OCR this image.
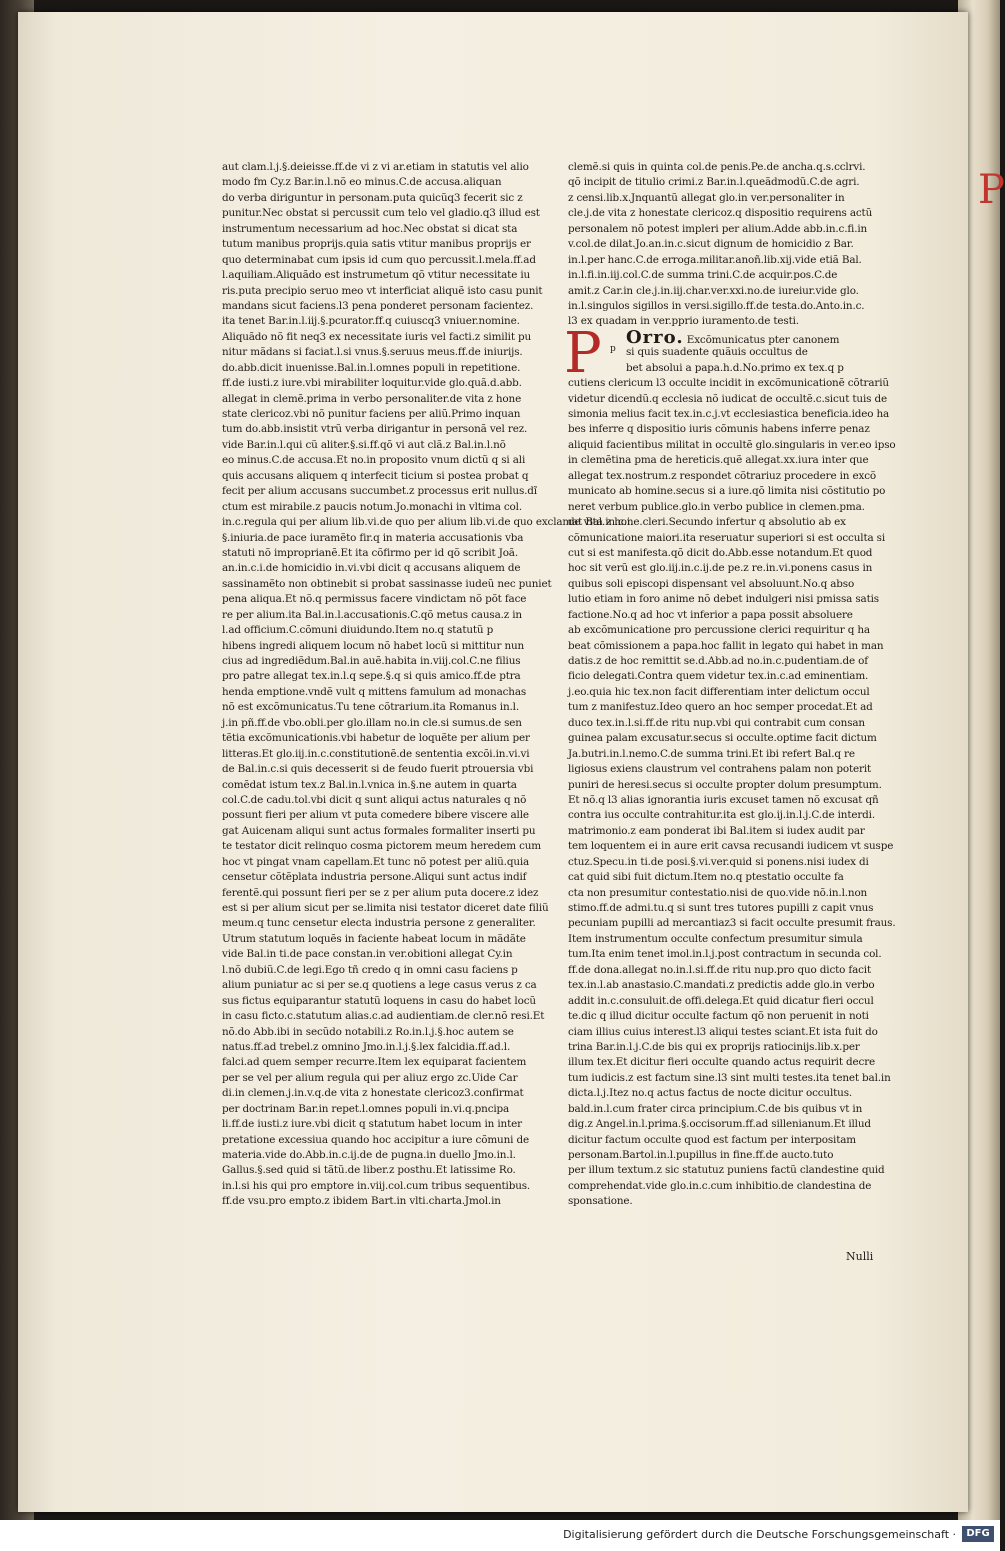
P
aut clam.l.j.§.deieisse.ff.de vi z vi ar.etiam in statutis vel alio
modo fm Cy.z Bar.in.l.nõ eo minus.C.de accusa.aliquan
do verba diriguntur in personam.puta quicũq3 fecerit sic z
punitur.Nec obstat si percussit cum telo vel gladio.q3 illud est
instrumentum necessarium ad hoc.Nec obstat si dicat sta
tutum manibus proprijs.quia satis vtitur manibus proprijs er
quo determinabat cum ipsis id cum quo percussit.l.mela.ff.ad
l.aquiliam.Aliquãdo est instrumetum qõ vtitur necessitate iu
ris.puta precipio seruo meo vt interficiat aliquẽ isto casu punit
mandans sicut faciens.l3 pena ponderet personam facientez.
ita tenet Bar.in.l.iij.§.pcurator.ff.q cuiuscq3 vniuer.nomine.
Aliquãdo nõ fit neq3 ex necessitate iuris vel facti.z similit pu
nitur mãdans si faciat.l.si vnus.§.seruus meus.ff.de iniurijs.
do.abb.dicit inuenisse.Bal.in.l.omnes populi in repetitione.
ff.de iusti.z iure.vbi mirabiliter loquitur.vide glo.quã.d.abb.
allegat in clemẽ.prima in verbo personaliter.de vita z hone
state clericoz.vbi nõ punitur faciens per aliũ.Primo inquan
tum do.abb.insistit vtrũ verba dirigantur in personã vel rez.
vide Bar.in.l.qui cũ aliter.§.si.ff.qõ vi aut clã.z Bal.in.l.nõ
eo minus.C.de accusa.Et no.in proposito vnum dictũ q si ali
quis accusans aliquem q interfecit ticium si postea probat q
fecit per alium accusans succumbet.z processus erit nullus.dĩ
ctum est mirabile.z paucis notum.Jo.monachi in vltima col.
in.c.regula qui per alium lib.vi.de quo per alium lib.vi.de quo exclamat Bal.in.c.i.
§.iniuria.de pace iuramẽto fir.q in materia accusationis vba
statuti nõ improprianẽ.Et ita cõfirmo per id qõ scribit Joã.
an.in.c.i.de homicidio in.vi.vbi dicit q accusans aliquem de
sassinamẽto non obtinebit si probat sassinasse iudeũ nec puniet
pena aliqua.Et nõ.q permissus facere vindictam nõ põt face
re per alium.ita Bal.in.l.accusationis.C.qõ metus causa.z in
l.ad officium.C.cõmuni diuidundo.Item no.q statutũ p
hibens ingredi aliquem locum nõ habet locũ si mittitur nun
cius ad ingrediẽdum.Bal.in auẽ.habita in.viij.col.C.ne filius
pro patre allegat tex.in.l.q sepe.§.q si quis amico.ff.de ptra
henda emptione.vndẽ vult q mittens famulum ad monachas
nõ est excõmunicatus.Tu tene cõtrarium.ita Romanus in.l.
j.in pñ.ff.de vbo.obli.per glo.illam no.in cle.si sumus.de sen
tẽtia excõmunicationis.vbi habetur de loquẽte per alium per
litteras.Et glo.iij.in.c.constitutionẽ.de sententia excõi.in.vi.vi
de Bal.in.c.si quis decesserit si de feudo fuerit ptrouersia vbi
comẽdat istum tex.z Bal.in.l.vnica in.§.ne autem in quarta
col.C.de cadu.tol.vbi dicit q sunt aliqui actus naturales q nõ
possunt fieri per alium vt puta comedere bibere viscere alle
gat Auicenam aliqui sunt actus formales formaliter inserti pu
te testator dicit relinquo cosma pictorem meum heredem cum
hoc vt pingat vnam capellam.Et tunc nõ potest per aliũ.quia
censetur cõtẽplata industria persone.Aliqui sunt actus indif
ferentẽ.qui possunt fieri per se z per alium puta docere.z idez
est si per alium sicut per se.limita nisi testator diceret date filiũ
meum.q tunc censetur electa industria persone z generaliter.
Utrum statutum loquẽs in faciente habeat locum in mãdãte
vide Bal.in ti.de pace constan.in ver.obitioni allegat Cy.in
l.nõ dubiũ.C.de legi.Ego tñ credo q in omni casu faciens p
alium puniatur ac si per se.q quotiens a lege casus verus z ca
sus fictus equiparantur statutũ loquens in casu do habet locũ
in casu ficto.c.statutum alias.c.ad audientiam.de cler.nõ resi.Et
nõ.do Abb.ibi in secũdo notabili.z Ro.in.l.j.§.hoc autem se
natus.ff.ad trebel.z omnino Jmo.in.l.j.§.lex falcidia.ff.ad.l.
falci.ad quem semper recurre.Item lex equiparat facientem
per se vel per alium regula qui per aliuz ergo zc.Uide Car
di.in clemen.j.in.v.q.de vita z honestate clericoz3.confirmat
per doctrinam Bar.in repet.l.omnes populi in.vi.q.pncipa
li.ff.de iusti.z iure.vbi dicit q statutum habet locum in inter
pretatione excessiua quando hoc accipitur a iure cõmuni de
materia.vide do.Abb.in.c.ij.de de pugna.in duello Jmo.in.l.
Gallus.§.sed quid si tãtũ.de liber.z posthu.Et latissime Ro.
in.l.si his qui pro emptore in.viij.col.cum tribus sequentibus.
ff.de vsu.pro empto.z ibidem Bart.in vlti.charta.Jmol.in
clemẽ.si quis in quinta col.de penis.Pe.de ancha.q.s.cclrvi.
qõ incipit de titulio crimi.z Bar.in.l.queãdmodũ.C.de agri.
z censi.lib.x.Jnquantũ allegat glo.in ver.personaliter in
cle.j.de vita z honestate clericoz.q dispositio requirens actũ
personalem nõ potest impleri per alium.Adde abb.in.c.fi.in
v.col.de dilat.Jo.an.in.c.sicut dignum de homicidio z Bar.
in.l.per hanc.C.de erroga.militar.anoñ.lib.xij.vide etiã Bal.
in.l.fi.in.iij.col.C.de summa trini.C.de acquir.pos.C.de
amit.z Car.in cle.j.in.iij.char.ver.xxi.no.de iureiur.vide glo.
in.l.singulos sigillos in versi.sigillo.ff.de testa.do.Anto.in.c.
l3 ex quadam in ver.pprio iuramento.de testi.
P p
Orro. Excõmunicatus pter canonem
si quis suadente quãuis occultus de
bet absolui a papa.h.d.No.primo ex tex.q p
cutiens clericum l3 occulte incidit in excõmunicationẽ cõtrariũ
videtur dicendũ.q ecclesia nõ iudicat de occultẽ.c.sicut tuis de
simonia melius facit tex.in.c.j.vt ecclesiastica beneficia.ideo ha
bes inferre q dispositio iuris cõmunis habens inferre penaz
aliquid facientibus militat in occultẽ glo.singularis in ver.eo ipso
in clemẽtina pma de hereticis.quẽ allegat.xx.iura inter que
allegat tex.nostrum.z respondet cõtrariuz procedere in excõ
municato ab homine.secus si a iure.qõ limita nisi cõstitutio po
neret verbum publice.glo.in verbo publice in clemen.pma.
de vita z hone.cleri.Secundo infertur q absolutio ab ex
cõmunicatione maiori.ita reseruatur superiori si est occulta si
cut si est manifesta.qõ dicit do.Abb.esse notandum.Et quod
hoc sit verũ est glo.iij.in.c.ij.de pe.z re.in.vi.ponens casus in
quibus soli episcopi dispensant vel absoluunt.No.q abso
lutio etiam in foro anime nõ debet indulgeri nisi pmissa satis
factione.No.q ad hoc vt inferior a papa possit absoluere
ab excõmunicatione pro percussione clerici requiritur q ha
beat cõmissionem a papa.hoc fallit in legato qui habet in man
datis.z de hoc remittit se.d.Abb.ad no.in.c.pudentiam.de of
ficio delegati.Contra quem videtur tex.in.c.ad eminentiam.
j.eo.quia hic tex.non facit differentiam inter delictum occul
tum z manifestuz.Ideo quero an hoc semper procedat.Et ad
duco tex.in.l.si.ff.de ritu nup.vbi qui contrabit cum consan
guinea palam excusatur.secus si occulte.optime facit dictum
Ja.butri.in.l.nemo.C.de summa trini.Et ibi refert Bal.q re
ligiosus exiens claustrum vel contrahens palam non poterit
puniri de heresi.secus si occulte propter dolum presumptum.
Et nõ.q l3 alias ignorantia iuris excuset tamen nõ excusat qñ
contra ius occulte contrahitur.ita est glo.ij.in.l.j.C.de interdi.
matrimonio.z eam ponderat ibi Bal.item si iudex audit par
tem loquentem ei in aure erit cavsa recusandi iudicem vt suspe
ctuz.Specu.in ti.de posi.§.vi.ver.quid si ponens.nisi iudex di
cat quid sibi fuit dictum.Item no.q ptestatio occulte fa
cta non presumitur contestatio.nisi de quo.vide nõ.in.l.non
stimo.ff.de admi.tu.q si sunt tres tutores pupilli z capit vnus
pecuniam pupilli ad mercantiaz3 si facit occulte presumit fraus.
Item instrumentum occulte confectum presumitur simula
tum.Ita enim tenet imol.in.l.j.post contractum in secunda col.
ff.de dona.allegat no.in.l.si.ff.de ritu nup.pro quo dicto facit
tex.in.l.ab anastasio.C.mandati.z predictis adde glo.in verbo
addit in.c.consuluit.de offi.delega.Et quid dicatur fieri occul
te.dic q illud dicitur occulte factum qõ non peruenit in noti
ciam illius cuius interest.l3 aliqui testes sciant.Et ista fuit do
trina Bar.in.l.j.C.de bis qui ex proprijs ratiocinijs.lib.x.per
illum tex.Et dicitur fieri occulte quando actus requirit decre
tum iudicis.z est factum sine.l3 sint multi testes.ita tenet bal.in
dicta.l.j.Itez no.q actus factus de nocte dicitur occultus.
bald.in.l.cum frater circa principium.C.de bis quibus vt in
dig.z Angel.in.l.prima.§.occisorum.ff.ad sillenianum.Et illud
dicitur factum occulte quod est factum per interpositam
personam.Bartol.in.l.pupillus in fine.ff.de aucto.tuto
per illum textum.z sic statutuz puniens factũ clandestine quid
comprehendat.vide glo.in.c.cum inhibitio.de clandestina de
sponsatione.
Nulli
Digitalisierung gefördert durch die Deutsche Forschungsgemeinschaft ·	DFG
